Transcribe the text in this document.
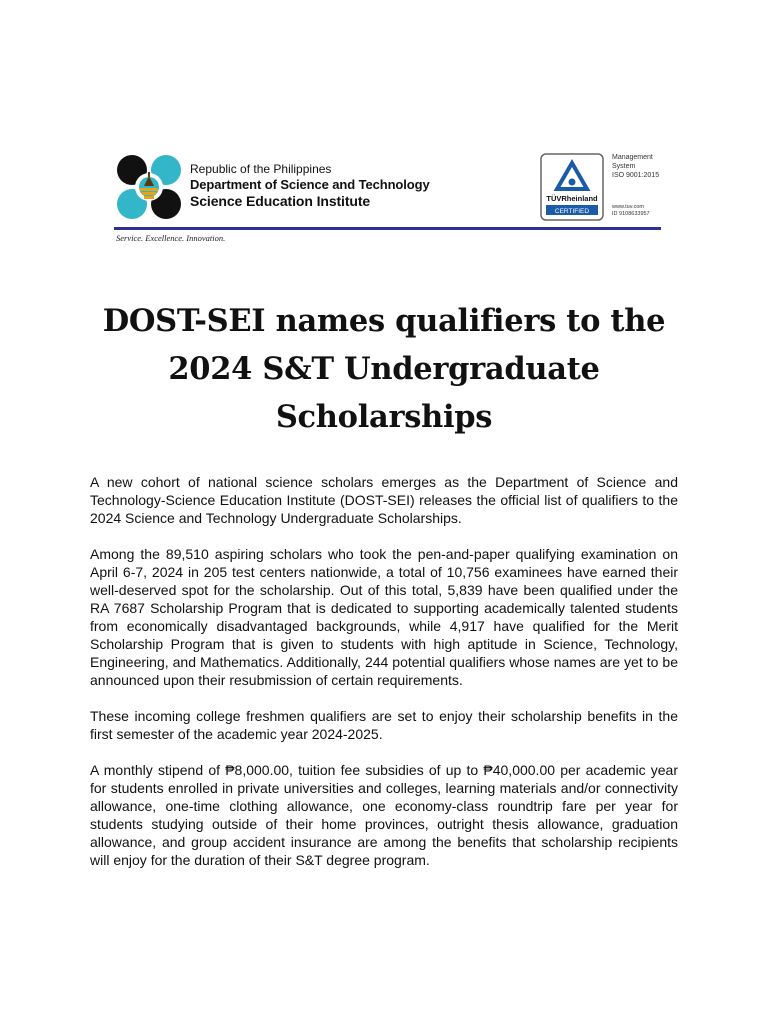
Republic of the Philippines
Department of Science and Technology
Science Education Institute	TÜVRheinland
CERTIFIED
Management
System
ISO 9001:2015
www.tuv.com
ID 9108633957
Service. Excellence. Innovation.
DOST-SEI names qualifiers to the 2024 S&T Undergraduate Scholarships

A new cohort of national science scholars emerges as the Department of Science and Technology-Science Education Institute (DOST-SEI) releases the official list of qualifiers to the 2024 Science and Technology Undergraduate Scholarships.

Among the 89,510 aspiring scholars who took the pen-and-paper qualifying examination on April 6-7, 2024 in 205 test centers nationwide, a total of 10,756 examinees have earned their well-deserved spot for the scholarship. Out of this total, 5,839 have been qualified under the RA 7687 Scholarship Program that is dedicated to supporting academically talented students from economically disadvantaged backgrounds, while 4,917 have qualified for the Merit Scholarship Program that is given to students with high aptitude in Science, Technology, Engineering, and Mathematics. Additionally, 244 potential qualifiers whose names are yet to be announced upon their resubmission of certain requirements.

These incoming college freshmen qualifiers are set to enjoy their scholarship benefits in the first semester of the academic year 2024-2025.

A monthly stipend of ₱8,000.00, tuition fee subsidies of up to ₱40,000.00 per academic year for students enrolled in private universities and colleges, learning materials and/or connectivity allowance, one-time clothing allowance, one economy-class roundtrip fare per year for students studying outside of their home provinces, outright thesis allowance, graduation allowance, and group accident insurance are among the benefits that scholarship recipients will enjoy for the duration of their S&T degree program.
